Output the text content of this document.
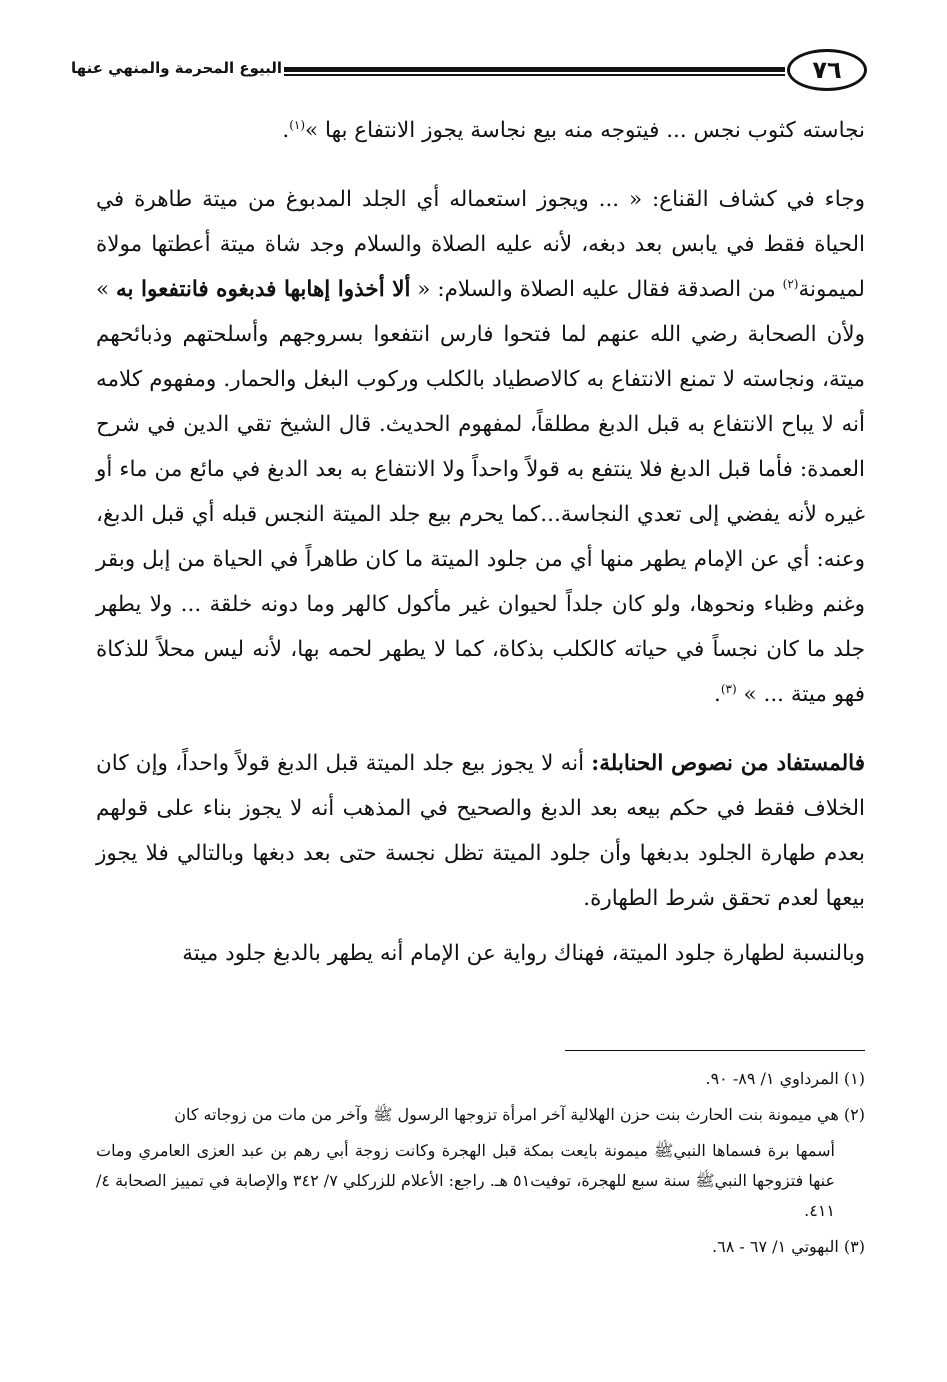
٧٦
البيوع المحرمة والمنهي عنها

نجاسته كثوب نجس ... فيتوجه منه بيع نجاسة يجوز الانتفاع بها »$^{(١)}$.

وجاء في كشاف القناع: « ... ويجوز استعماله أي الجلد المدبوغ من ميتة طاهرة في الحياة فقط في يابس بعد دبغه، لأنه عليه الصلاة والسلام وجد شاة ميتة أعطتها مولاة لميمونة$^{(٢)}$ من الصدقة فقال عليه الصلاة والسلام: « ألا أخذوا إهابها فدبغوه فانتفعوا به » ولأن الصحابة رضي الله عنهم لما فتحوا فارس انتفعوا بسروجهم وأسلحتهم وذبائحهم ميتة، ونجاسته لا تمنع الانتفاع به كالاصطياد بالكلب وركوب البغل والحمار. ومفهوم كلامه أنه لا يباح الانتفاع به قبل الدبغ مطلقاً، لمفهوم الحديث. قال الشيخ تقي الدين في شرح العمدة: فأما قبل الدبغ فلا ينتفع به قولاً واحداً ولا الانتفاع به بعد الدبغ في مائع من ماء أو غيره لأنه يفضي إلى تعدي النجاسة...كما يحرم بيع جلد الميتة النجس قبله أي قبل الدبغ، وعنه: أي عن الإمام يطهر منها أي من جلود الميتة ما كان طاهراً في الحياة من إبل وبقر وغنم وظباء ونحوها، ولو كان جلداً لحيوان غير مأكول كالهر وما دونه خلقة ... ولا يطهر جلد ما كان نجساً في حياته كالكلب بذكاة، كما لا يطهر لحمه بها، لأنه ليس محلاً للذكاة فهو ميتة ... » $^{(٣)}$.

فالمستفاد من نصوص الحنابلة: أنه لا يجوز بيع جلد الميتة قبل الدبغ قولاً واحداً، وإن كان الخلاف فقط في حكم بيعه بعد الدبغ والصحيح في المذهب أنه لا يجوز بناء على قولهم بعدم طهارة الجلود بدبغها وأن جلود الميتة تظل نجسة حتى بعد دبغها وبالتالي فلا يجوز بيعها لعدم تحقق شرط الطهارة.

وبالنسبة لطهارة جلود الميتة، فهناك رواية عن الإمام أنه يطهر بالدبغ جلود ميتة

(١) المرداوي ١/ ٨٩- ٩٠.

(٢) هي ميمونة بنت الحارث بنت حزن الهلالية آخر امرأة تزوجها الرسول ﷺ وآخر من مات من زوجاته كان

أسمها برة فسماها النبيﷺ ميمونة بايعت بمكة قبل الهجرة وكانت زوجة أبي رهم بن عبد العزى العامري ومات عنها فتزوجها النبيﷺ سنة سبع للهجرة، توفيت٥١ هـ. راجع: الأعلام للزركلي ٧/ ٣٤٢ والإصابة في تمييز الصحابة ٤/ ٤١١.

(٣) البهوتي ١/ ٦٧ - ٦٨.
